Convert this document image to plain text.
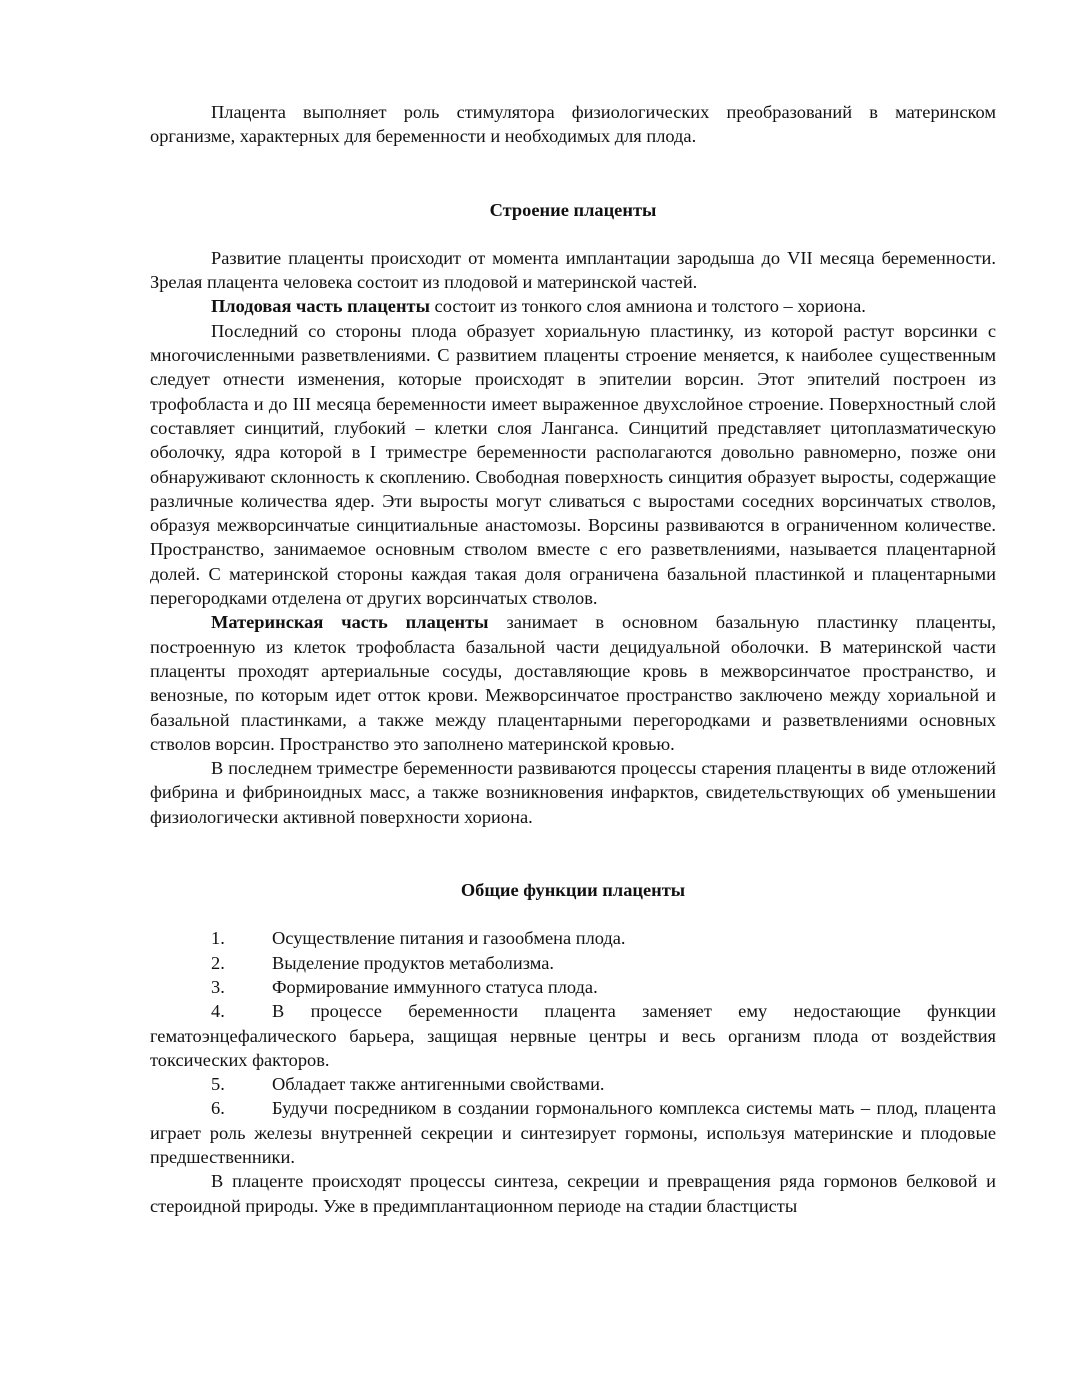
Плацента выполняет роль стимулятора физиологических преобразований в материнском организме, характерных для беременности и необходимых для плода.

Строение плаценты

Развитие плаценты происходит от момента имплантации зародыша до VII месяца беременности. Зрелая плацента человека состоит из плодовой и материнской частей.

Плодовая часть плаценты состоит из тонкого слоя амниона и толстого – хориона.

Последний со стороны плода образует хориальную пластинку, из которой растут ворсинки с многочисленными разветвлениями. С развитием плаценты строение меняется, к наиболее существенным следует отнести изменения, которые происходят в эпителии ворсин. Этот эпителий построен из трофобласта и до III месяца беременности имеет выраженное двухслойное строение. Поверхностный слой составляет синцитий, глубокий – клетки слоя Ланганса. Синцитий представляет цитоплазматическую оболочку, ядра которой в I триместре беременности располагаются довольно равномерно, позже они обнаруживают склонность к скоплению. Свободная поверхность синцития образует выросты, содержащие различные количества ядер. Эти выросты могут сливаться с выростами соседних ворсинчатых стволов, образуя межворсинчатые синцитиальные анастомозы. Ворсины развиваются в ограниченном количестве. Пространство, занимаемое основным стволом вместе с его разветвлениями, называется плацентарной долей. С материнской стороны каждая такая доля ограничена базальной пластинкой и плацентарными перегородками отделена от других ворсинчатых стволов.

Материнская часть плаценты занимает в основном базальную пластинку плаценты, построенную из клеток трофобласта базальной части децидуальной оболочки. В материнской части плаценты проходят артериальные сосуды, доставляющие кровь в межворсинчатое пространство, и венозные, по которым идет отток крови. Межворсинчатое пространство заключено между хориальной и базальной пластинками, а также между плацентарными перегородками и разветвлениями основных стволов ворсин. Пространство это заполнено материнской кровью.

В последнем триместре беременности развиваются процессы старения плаценты в виде отложений фибрина и фибриноидных масс, а также возникновения инфарктов, свидетельствующих об уменьшении физиологически активной поверхности хориона.

Общие функции плаценты

1.	Осуществление питания и газообмена плода.

2.	Выделение продуктов метаболизма.

3.	Формирование иммунного статуса плода.

4.	В процессе беременности плацента заменяет ему недостающие функции гематоэнцефалического барьера, защищая нервные центры и весь организм плода от воздействия токсических факторов.

5.	Обладает также антигенными свойствами.

6.	Будучи посредником в создании гормонального комплекса системы мать – плод, плацента играет роль железы внутренней секреции и синтезирует гормоны, используя материнские и плодовые предшественники.

В плаценте происходят процессы синтеза, секреции и превращения ряда гормонов белковой и стероидной природы. Уже в предимплантационном периоде на стадии бластцисты
